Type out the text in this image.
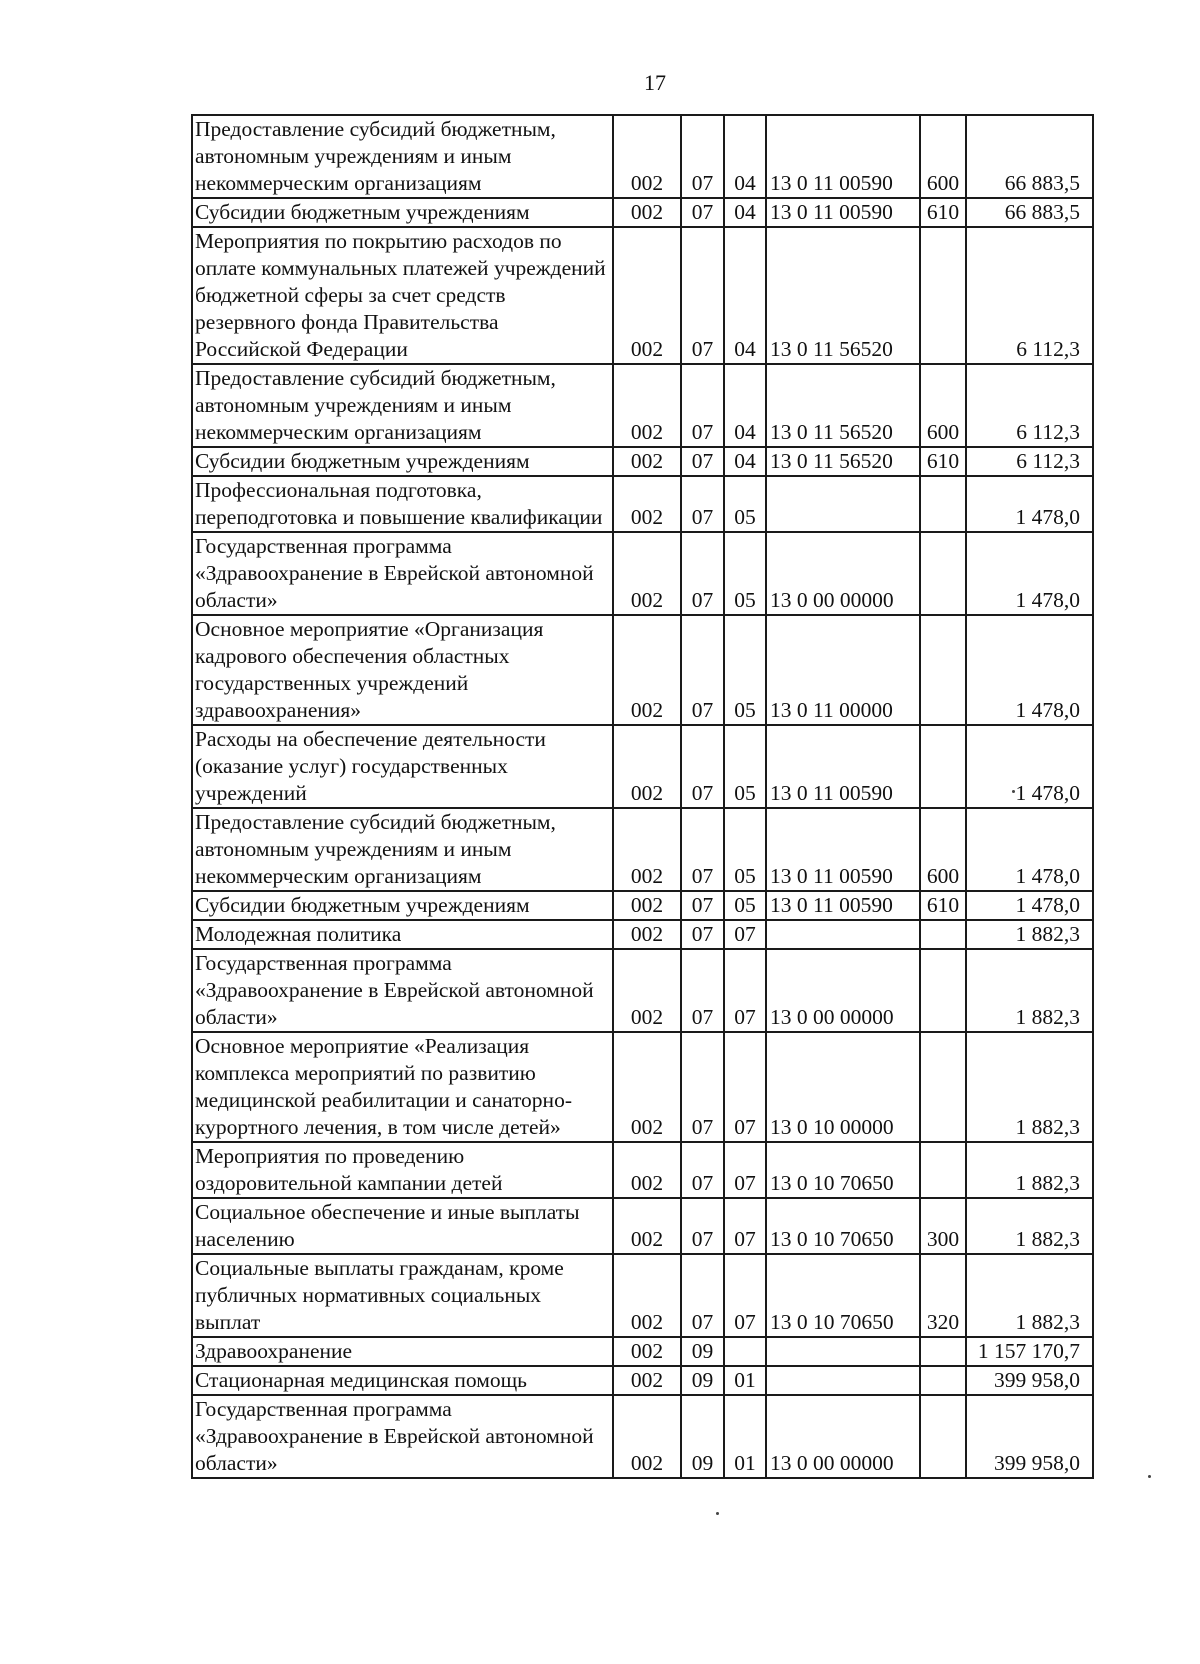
17
Предоставление субсидий бюджетным, автономным учреждениям и иным некоммерческим организациям	002	07	04	13 0 11 00590	600	66 883,5
Субсидии бюджетным учреждениям	002	07	04	13 0 11 00590	610	66 883,5
Мероприятия по покрытию расходов по оплате коммунальных платежей учреждений бюджетной сферы за счет средств резервного фонда Правительства Российской Федерации	002	07	04	13 0 11 56520		6 112,3
Предоставление субсидий бюджетным, автономным учреждениям и иным некоммерческим организациям	002	07	04	13 0 11 56520	600	6 112,3
Субсидии бюджетным учреждениям	002	07	04	13 0 11 56520	610	6 112,3
Профессиональная подготовка, переподготовка и повышение квалификации	002	07	05			1 478,0
Государственная программа «Здравоохранение в Еврейской автономной области»	002	07	05	13 0 00 00000		1 478,0
Основное мероприятие «Организация кадрового обеспечения областных государственных учреждений здравоохранения»	002	07	05	13 0 11 00000		1 478,0
Расходы на обеспечение деятельности (оказание услуг) государственных учреждений	002	07	05	13 0 11 00590		1 478,0
Предоставление субсидий бюджетным, автономным учреждениям и иным некоммерческим организациям	002	07	05	13 0 11 00590	600	1 478,0
Субсидии бюджетным учреждениям	002	07	05	13 0 11 00590	610	1 478,0
Молодежная политика	002	07	07			1 882,3
Государственная программа «Здравоохранение в Еврейской автономной области»	002	07	07	13 0 00 00000		1 882,3
Основное мероприятие «Реализация комплекса мероприятий по развитию медицинской реабилитации и санаторно-курортного лечения, в том числе детей»	002	07	07	13 0 10 00000		1 882,3
Мероприятия по проведению оздоровительной кампании детей	002	07	07	13 0 10 70650		1 882,3
Социальное обеспечение и иные выплаты населению	002	07	07	13 0 10 70650	300	1 882,3
Социальные выплаты гражданам, кроме публичных нормативных социальных выплат	002	07	07	13 0 10 70650	320	1 882,3
Здравоохранение	002	09				1 157 170,7
Стационарная медицинская помощь	002	09	01			399 958,0
Государственная программа «Здравоохранение в Еврейской автономной области»	002	09	01	13 0 00 00000		399 958,0
